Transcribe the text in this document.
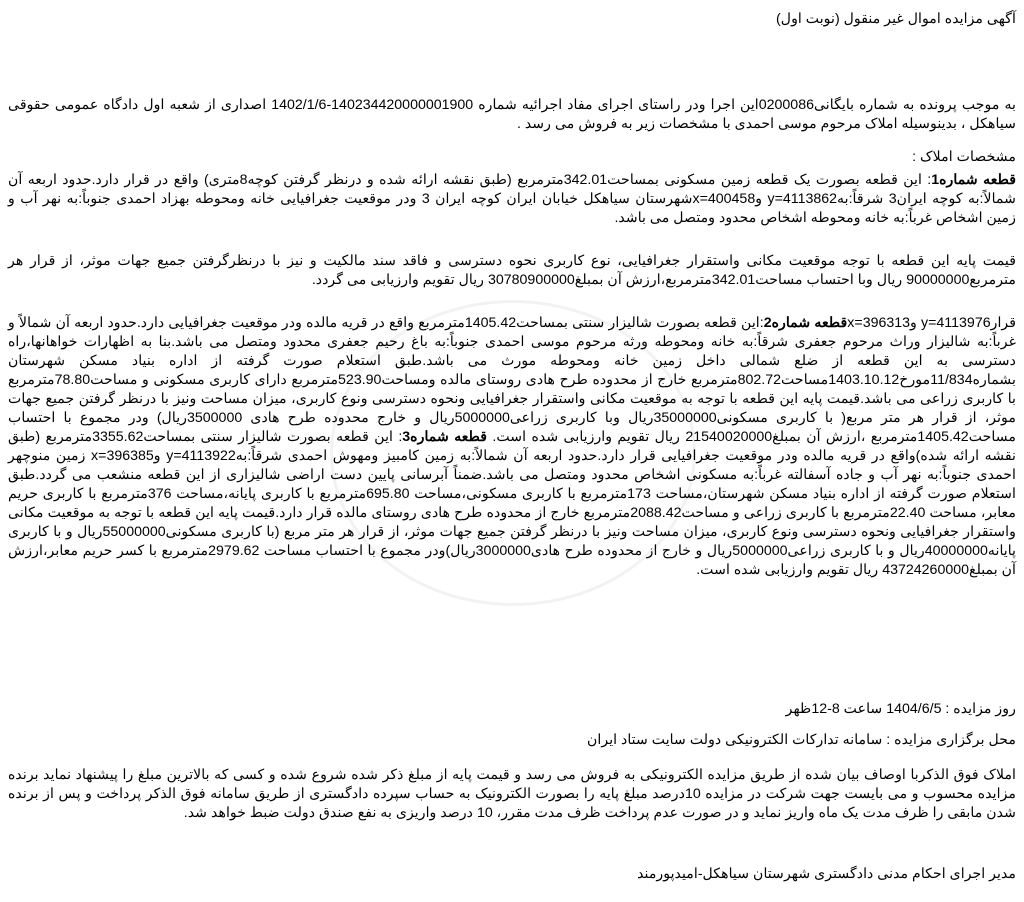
آگهی مزایده اموال غیر منقول (نوبت اول)
به موجب پرونده به شماره بایگانی0200086این اجرا ودر راستای اجرای مفاد اجرائیه شماره 140234420000001900-1402/1/6 اصداری از شعبه اول دادگاه عمومی حقوقی سیاهکل ، بدینوسیله املاک مرحوم موسی احمدی با مشخصات زیر به فروش می رسد .
مشخصات املاک :
قطعه شماره1: این قطعه بصورت یک قطعه زمین مسکونی بمساحت342.01مترمربع (طبق نقشه ارائه شده و درنظر گرفتن کوچه8متری) واقع در قرار دارد.حدود اربعه آن شمالاً:به کوچه ایران3 شرقاً:به4113862=y و400458=xشهرستان سیاهکل خیابان ایران کوچه ایران 3 ودر موقعیت جغرافیایی خانه ومحوطه بهزاد احمدی جنوباً:به نهر آب و زمین اشخاص غرباً:به خانه ومحوطه اشخاص محدود ومتصل می باشد.
قیمت پایه این قطعه با توجه موقعیت مکانی واستقرار جغرافیایی، نوع کاربری نحوه دسترسی و فاقد سند مالکیت و نیز با درنظرگرفتن جمیع جهات موثر، از قرار هر مترمربع90000000 ریال وبا احتساب مساحت342.01مترمربع،ارزش آن بمبلغ30780900000 ریال تقویم وارزیابی می گردد.
قرار4113976=y و396313=xقطعه شماره2:این قطعه بصورت شالیزار سنتی بمساحت1405.42مترمربع واقع در قریه مالده ودر موقعیت جغرافیایی دارد.حدود اربعه آن شمالاً و غرباً:به شالیزار وراث مرحوم جعفری شرقاً:به خانه ومحوطه ورثه مرحوم موسی احمدی جنوباً:به باغ رحیم جعفری محدود ومتصل می باشد.بنا به اظهارات خواهانها،راه دسترسی به این قطعه از ضلع شمالی داخل زمین خانه ومحوطه مورث می باشد.طبق استعلام صورت گرفته از اداره بنیاد مسکن شهرستان بشماره11/834مورخ1403.10.12مساحت802.72مترمربع خارج از محدوده طرح هادی روستای مالده ومساحت523.90مترمربع دارای کاربری مسکونی و مساحت78.80مترمربع با کاربری زراعی می باشد.قیمت پایه این قطعه با توجه به موقعیت مکانی واستقرار جغرافیایی ونحوه دسترسی ونوع کاربری، میزان مساحت ونیز با درنظر گرفتن جمیع جهات موثر، از قرار هر متر مربع( با کاربری مسکونی35000000ریال وبا کاربری زراعی5000000ریال و خارج محدوده طرح هادی 3500000ریال) ودر مجموع با احتساب مساحت1405.42مترمربع ،ارزش آن بمبلغ21540020000 ریال تقویم وارزیابی شده است. قطعه شماره3: این قطعه بصورت شالیزار سنتی بمساحت3355.62مترمربع (طبق نقشه ارائه شده)واقع در قریه مالده ودر موقعیت جغرافیایی قرار دارد.حدود اربعه آن شمالاً:به زمین کامبیز ومهوش احمدی شرقاً:به4113922=y و396385=x زمین منوچهر احمدی جنوباً:به نهر آب و جاده آسفالته غرباً:به مسکونی اشخاص محدود ومتصل می باشد.ضمناً آبرسانی پایین دست اراضی شالیزاری از این قطعه منشعب می گردد.طبق استعلام صورت گرفته از اداره بنیاد مسکن شهرستان،مساحت 173مترمربع با کاربری مسکونی،مساحت 695.80مترمربع با کاربری پایانه،مساحت 376مترمربع با کاربری حریم معابر، مساحت 22.40مترمربع با کاربری زراعی و مساحت2088.42مترمربع خارج از محدوده طرح هادی روستای مالده قرار دارد.قیمت پایه این قطعه با توجه به موقعیت مکانی واستقرار جغرافیایی ونحوه دسترسی ونوع کاربری، میزان مساحت ونیز با درنظر گرفتن جمیع جهات موثر، از قرار هر متر مربع (با کاربری مسکونی55000000ریال و با کاربری پایانه40000000ریال و با کاربری زراعی5000000ریال و خارج از محدوده طرح هادی3000000ریال)ودر مجموع با احتساب مساحت 2979.62مترمربع با کسر حریم معابر،ارزش آن بمبلغ43724260000 ریال تقویم وارزیابی شده است.
روز مزایده : 1404/6/5 ساعت 8-12ظهر
محل برگزاری مزایده : سامانه تدارکات الکترونیکی دولت سایت ستاد ایران
املاک فوق الذکربا اوصاف بیان شده از طریق مزایده الکترونیکی به فروش می رسد و قیمت پایه از مبلغ ذکر شده شروع شده و کسی که بالاترین مبلغ را پیشنهاد نماید برنده مزایده محسوب و می بایست جهت شرکت در مزایده 10درصد مبلغ پایه را بصورت الکترونیک به حساب سپرده دادگستری از طریق سامانه فوق الذکر پرداخت و پس از برنده شدن مابقی را ظرف مدت یک ماه واریز نماید و در صورت عدم پرداخت ظرف مدت مقرر، 10 درصد واریزی به نفع صندق دولت ضبط خواهد شد.
مدیر اجرای احکام مدنی دادگستری شهرستان سیاهکل-امیدپورمند
